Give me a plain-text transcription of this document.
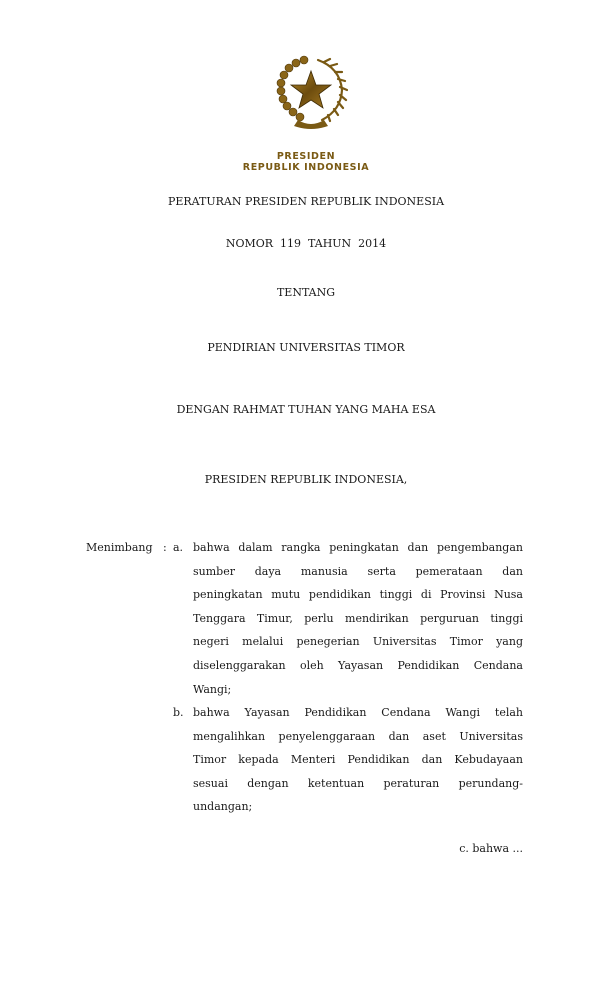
PRESIDEN
REPUBLIK INDONESIA
PERATURAN PRESIDEN REPUBLIK INDONESIA
NOMOR  119  TAHUN  2014
TENTANG
PENDIRIAN UNIVERSITAS TIMOR
DENGAN RAHMAT TUHAN YANG MAHA ESA
PRESIDEN REPUBLIK INDONESIA,
Menimbang : a. bahwa dalam rangka peningkatan dan pengembangan
sumber daya manusia serta pemerataan dan
peningkatan mutu pendidikan tinggi di Provinsi Nusa
Tenggara Timur, perlu mendirikan perguruan tinggi
negeri melalui penegerian Universitas Timor yang
diselenggarakan oleh Yayasan Pendidikan Cendana
Wangi;
b. bahwa Yayasan Pendidikan Cendana Wangi telah
mengalihkan penyelenggaraan dan aset Universitas
Timor kepada Menteri Pendidikan dan Kebudayaan
sesuai dengan ketentuan peraturan perundang-
undangan;
c. bahwa ...
